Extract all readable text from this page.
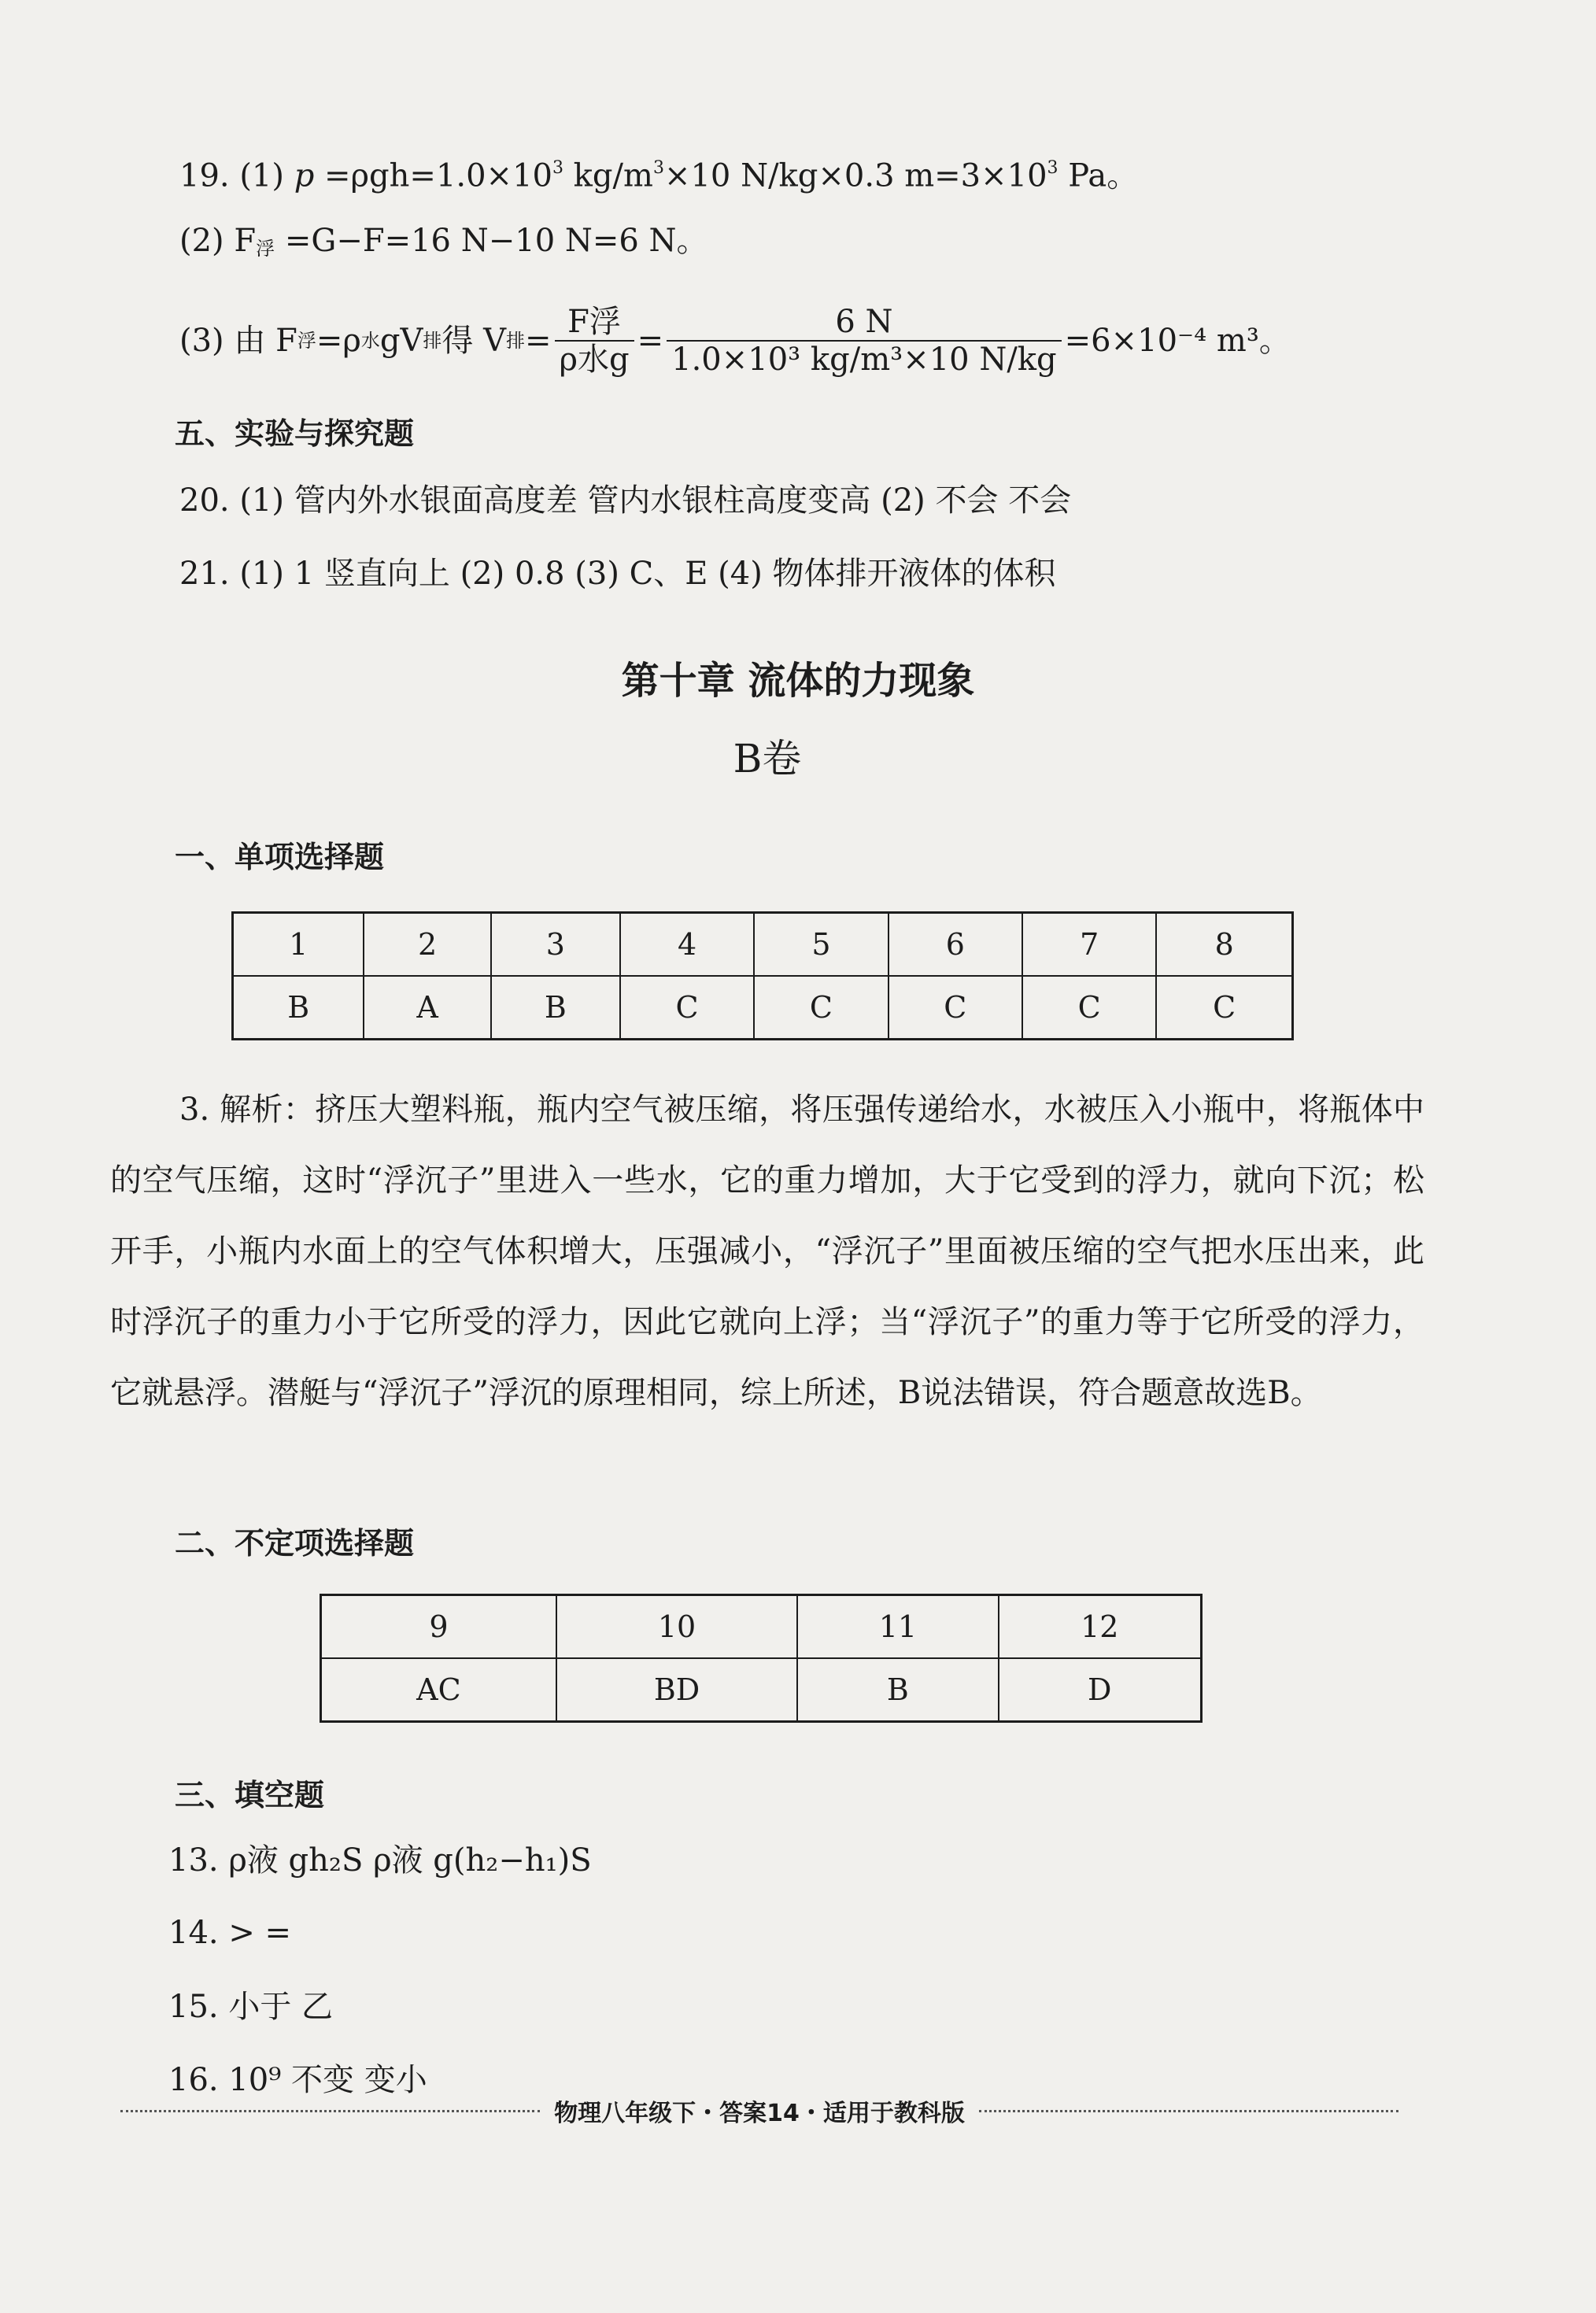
19. (1) $p =\rho gh=1.0\times 10^3$ $kg/m^3\times 10$ N/kg×0.3 $m=3\times 10^3$ Pa。
(2) $F_浮 =G-F=16$ N−10 N=6 N。
(3) 由 F 浮 =ρ 水 gV 排 得 V 排 = $\frac{\text{F浮}}{\text{ρ水g}} = \frac{6 N}{\text{1.0×10³ kg/m³×10 N/kg}} =6\times 10^{-4}$ m³。
五、实验与探究题
20. (1) 管内外水银面高度差 管内水银柱高度变高 (2) 不会 不会
21. (1) 1 竖直向上 (2) 0.8 (3) C、E (4) 物体排开液体的体积
第十章 流体的力现象
B卷
一、单项选择题
1	2	3	4	5	6	7	8
B	A	B	C	C	C	C	C
3. 解析：挤压大塑料瓶，瓶内空气被压缩，将压强传递给水，水被压入小瓶中，将瓶体中的空气压缩，这时“浮沉子”里进入一些水，它的重力增加，大于它受到的浮力，就向下沉；松开手，小瓶内水面上的空气体积增大，压强减小，“浮沉子”里面被压缩的空气把水压出来，此时浮沉子的重力小于它所受的浮力，因此它就向上浮；当“浮沉子”的重力等于它所受的浮力，它就悬浮。潜艇与“浮沉子”浮沉的原理相同，综上所述，B说法错误，符合题意故选B。
二、不定项选择题
9	10	11	12
AC	BD	B	D
三、填空题
13. ρ液 gh₂S ρ液 g(h₂−h₁)S
14. > =
15. 小于 乙
16. 10⁹ 不变 变小
物理八年级下・答案14・适用于教科版
